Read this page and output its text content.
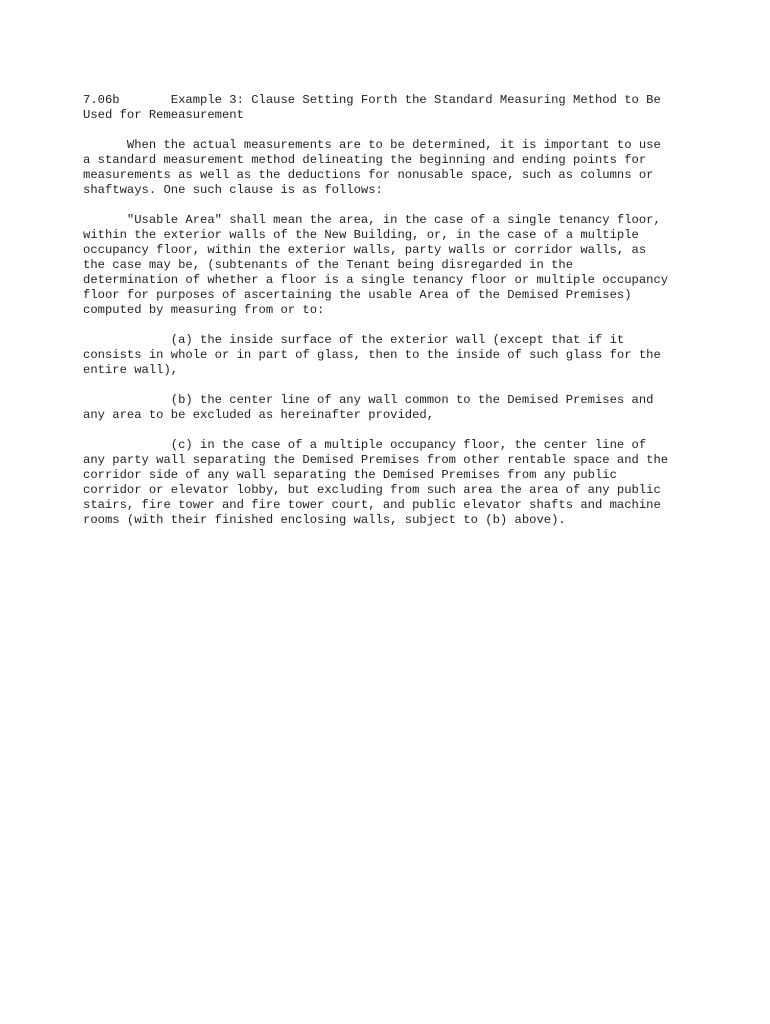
7.06b       Example 3: Clause Setting Forth the Standard Measuring Method to Be
Used for Remeasurement

When the actual measurements are to be determined, it is important to use
a standard measurement method delineating the beginning and ending points for
measurements as well as the deductions for nonusable space, such as columns or
shaftways. One such clause is as follows:

"Usable Area" shall mean the area, in the case of a single tenancy floor,
within the exterior walls of the New Building, or, in the case of a multiple
occupancy floor, within the exterior walls, party walls or corridor walls, as
the case may be, (subtenants of the Tenant being disregarded in the
determination of whether a floor is a single tenancy floor or multiple occupancy
floor for purposes of ascertaining the usable Area of the Demised Premises)
computed by measuring from or to:

(a) the inside surface of the exterior wall (except that if it
consists in whole or in part of glass, then to the inside of such glass for the
entire wall),

(b) the center line of any wall common to the Demised Premises and
any area to be excluded as hereinafter provided,

(c) in the case of a multiple occupancy floor, the center line of
any party wall separating the Demised Premises from other rentable space and the
corridor side of any wall separating the Demised Premises from any public
corridor or elevator lobby, but excluding from such area the area of any public
stairs, fire tower and fire tower court, and public elevator shafts and machine
rooms (with their finished enclosing walls, subject to (b) above).
